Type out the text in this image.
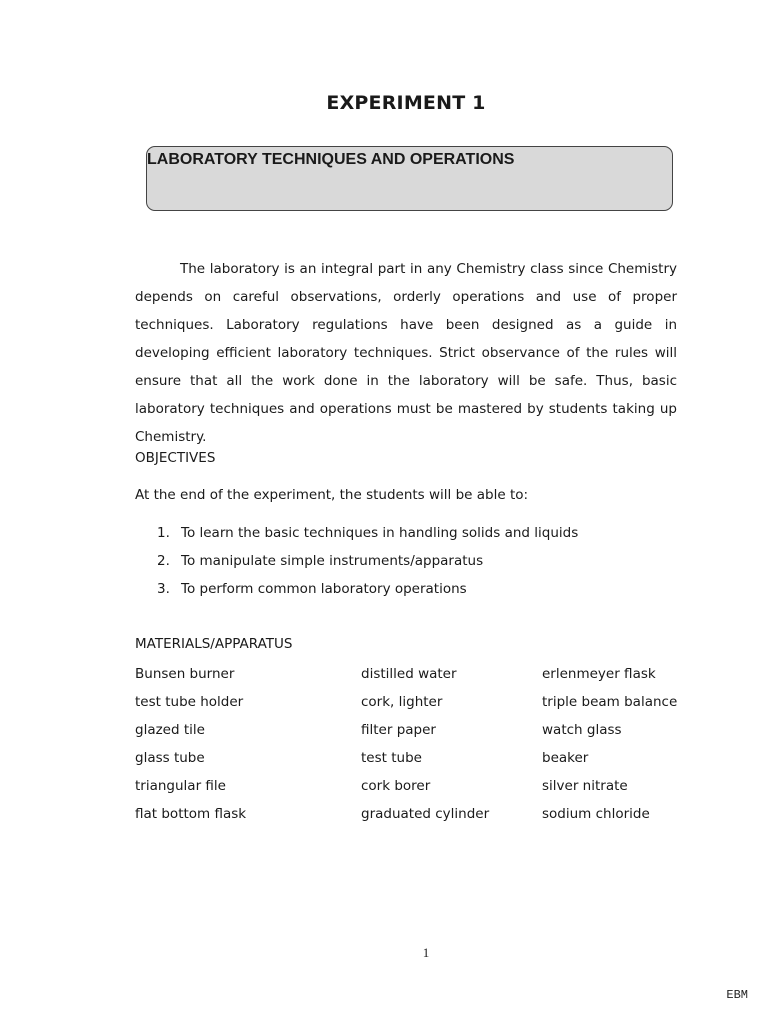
EXPERIMENT 1
LABORATORY TECHNIQUES AND OPERATIONS

The laboratory is an integral part in any Chemistry class since Chemistry depends on careful observations, orderly operations and use of proper techniques. Laboratory regulations have been designed as a guide in developing efficient laboratory techniques. Strict observance of the rules will ensure that all the work done in the laboratory will be safe. Thus, basic laboratory techniques and operations must be mastered by students taking up Chemistry.

OBJECTIVES
At the end of the experiment, the students will be able to:
1. To learn the basic techniques in handling solids and liquids
2. To manipulate simple instruments/apparatus
3. To perform common laboratory operations
MATERIALS/APPARATUS
Bunsen burner	distilled water	erlenmeyer flask
test tube holder	cork, lighter	triple beam balance
glazed tile	filter paper	watch glass
glass tube	test tube	beaker
triangular file	cork borer	silver nitrate
flat bottom flask	graduated cylinder	sodium chloride
1
EBM
